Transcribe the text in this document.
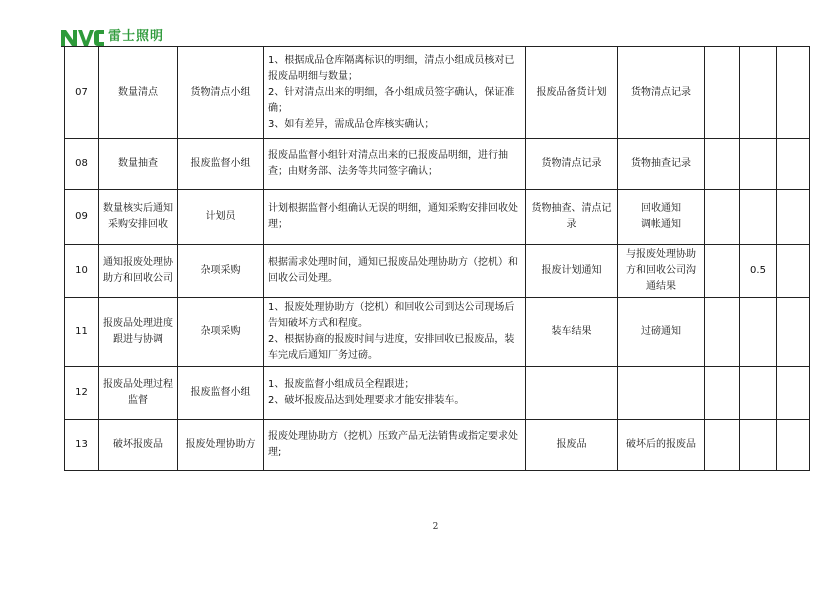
雷士照明
07	数量清点	货物清点小组	1、根据成品仓库隔离标识的明细，清点小组成员核对已报废品明细与数量；
2、针对清点出来的明细，各小组成员签字确认，保证准确；
3、如有差异，需成品仓库核实确认；	报废品备货计划	货物清点记录				
08	数量抽查	报废监督小组	报废品监督小组针对清点出来的已报废品明细，进行抽查；由财务部、法务等共同签字确认；	货物清点记录	货物抽查记录				
09	数量核实后通知采购安排回收	计划员	计划根据监督小组确认无误的明细，通知采购安排回收处理；	货物抽查、清点记录	回收通知
调帐通知				
10	通知报废处理协助方和回收公司	杂项采购	根据需求处理时间，通知已报废品处理协助方（挖机）和回收公司处理。	报废计划通知	与报废处理协助方和回收公司沟通结果		0.5		
11	报废品处理进度跟进与协调	杂项采购	1、报废处理协助方（挖机）和回收公司到达公司现场后告知破坏方式和程度。
2、根据协商的报废时间与进度，安排回收已报废品，装车完成后通知厂务过磅。	装车结果	过磅通知				
12	报废品处理过程监督	报废监督小组	1、报废监督小组成员全程跟进；
2、破坏报废品达到处理要求才能安排装车。						

13	破坏报废品	报废处理协助方	报废处理协助方（挖机）压致产品无法销售或指定要求处理;	报废品	破坏后的报废品				
2
